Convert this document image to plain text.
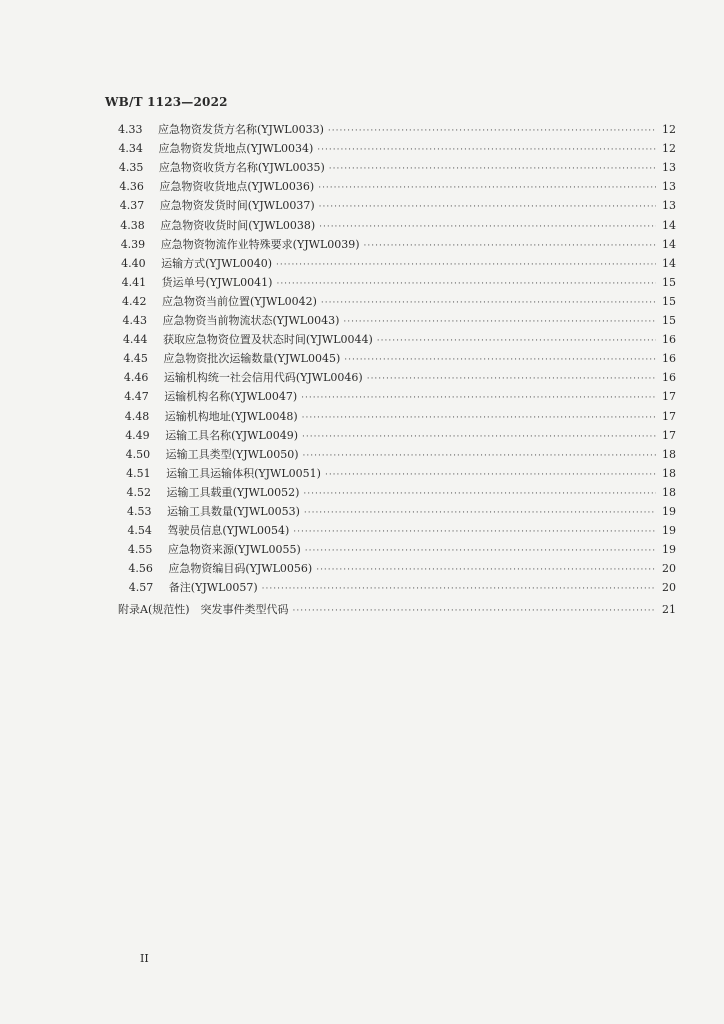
WB/T 1123—2022
4.33	应急物资发货方名称(YJWL0033) ·····	12
4.34	应急物资发货地点(YJWL0034) ·····	12
4.35	应急物资收货方名称(YJWL0035) ·····	13
4.36	应急物资收货地点(YJWL0036) ·····	13
4.37	应急物资发货时间(YJWL0037) ·····	13
4.38	应急物资收货时间(YJWL0038) ·····	14
4.39	应急物资物流作业特殊要求(YJWL0039) ·····	14
4.40	运输方式(YJWL0040) ·····	14
4.41	货运单号(YJWL0041) ·····	15
4.42	应急物资当前位置(YJWL0042) ·····	15
4.43	应急物资当前物流状态(YJWL0043) ·····	15
4.44	获取应急物资位置及状态时间(YJWL0044) ·····	16
4.45	应急物资批次运输数量(YJWL0045) ·····	16
4.46	运输机构统一社会信用代码(YJWL0046) ·····	16
4.47	运输机构名称(YJWL0047) ·····	17
4.48	运输机构地址(YJWL0048) ·····	17
4.49	运输工具名称(YJWL0049) ·····	17
4.50	运输工具类型(YJWL0050) ·····	18
4.51	运输工具运输体积(YJWL0051) ·····	18
4.52	运输工具载重(YJWL0052) ·····	18
4.53	运输工具数量(YJWL0053) ·····	19
4.54	驾驶员信息(YJWL0054) ·····	19
4.55	应急物资来源(YJWL0055) ·····	19
4.56	应急物资编目码(YJWL0056) ·····	20
4.57	备注(YJWL0057) ·····	20
附录A(规范性)　突发事件类型代码 ·····	21
II
